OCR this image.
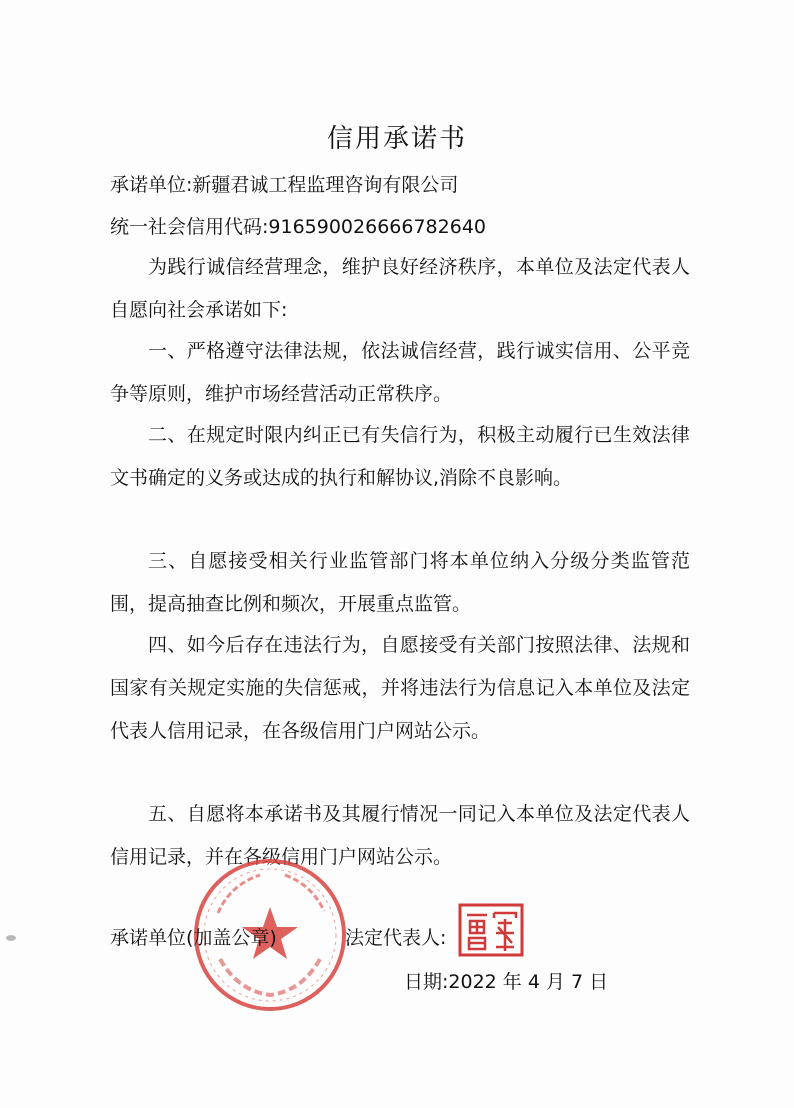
信用承诺书
承诺单位:新疆君诚工程监理咨询有限公司
统一社会信用代码:916590026666782640
为践行诚信经营理念，维护良好经济秩序，本单位及法定代表人自愿向社会承诺如下:
一、严格遵守法律法规，依法诚信经营，践行诚实信用、公平竞争等原则，维护市场经营活动正常秩序。
二、在规定时限内纠正已有失信行为，积极主动履行已生效法律文书确定的义务或达成的执行和解协议,消除不良影响。
三、自愿接受相关行业监管部门将本单位纳入分级分类监管范围，提高抽查比例和频次，开展重点监管。
四、如今后存在违法行为，自愿接受有关部门按照法律、法规和国家有关规定实施的失信惩戒，并将违法行为信息记入本单位及法定代表人信用记录，在各级信用门户网站公示。
五、自愿将本承诺书及其履行情况一同记入本单位及法定代表人信用记录，并在各级信用门户网站公示。
承诺单位(加盖公章)	法定代表人:
日期:2022 年 4 月 7 日
